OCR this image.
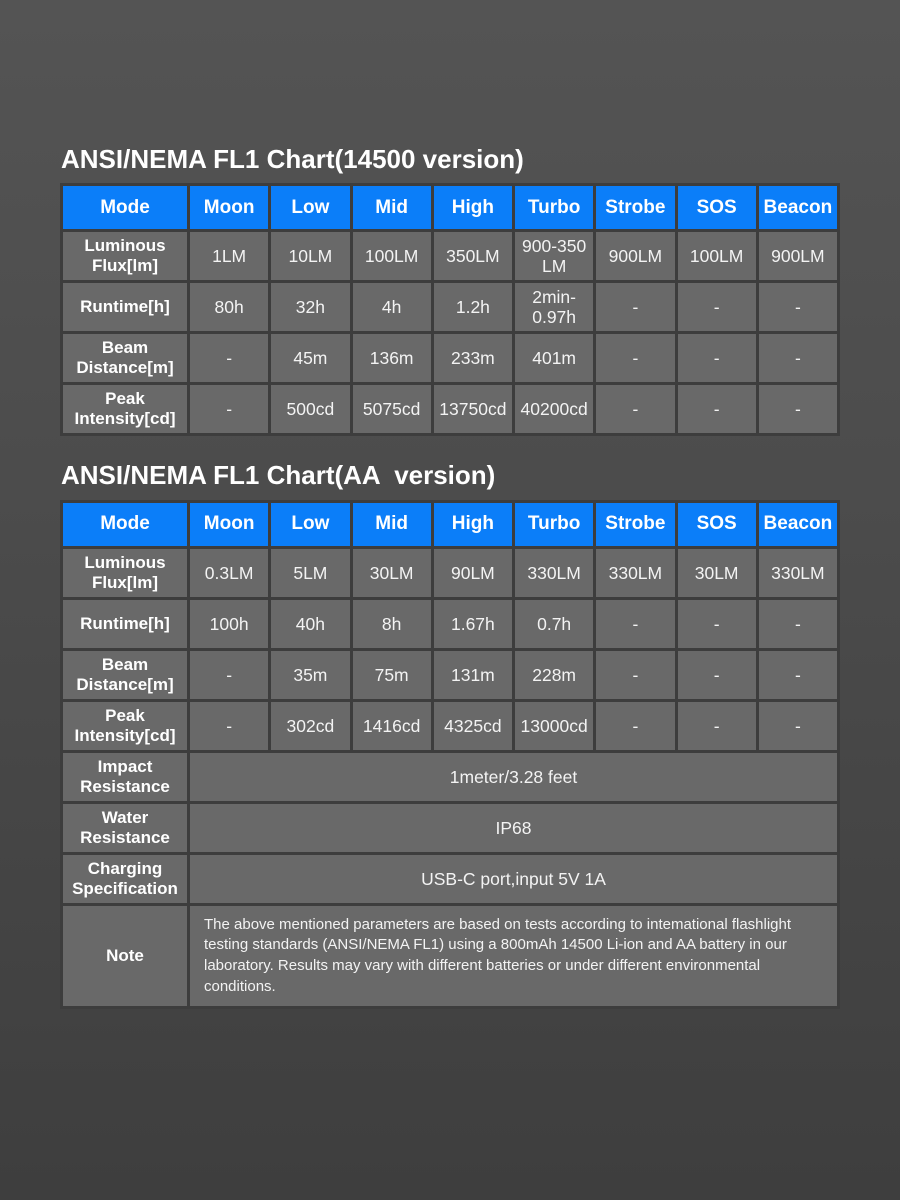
ANSI/NEMA FL1 Chart(14500 version)
Mode	Moon	Low	Mid	High	Turbo	Strobe	SOS	Beacon
Luminous Flux[lm]	1LM	10LM	100LM	350LM	900-350 LM	900LM	100LM	900LM
Runtime[h]	80h	32h	4h	1.2h	2min-0.97h	-	-	-
Beam Distance[m]	-	45m	136m	233m	401m	-	-	-
Peak Intensity[cd]	-	500cd	5075cd	13750cd	40200cd	-	-	-
ANSI/NEMA FL1 Chart(AA  version)
Mode	Moon	Low	Mid	High	Turbo	Strobe	SOS	Beacon
Luminous Flux[lm]	0.3LM	5LM	30LM	90LM	330LM	330LM	30LM	330LM
Runtime[h]	100h	40h	8h	1.67h	0.7h	-	-	-
Beam Distance[m]	-	35m	75m	131m	228m	-	-	-
Peak Intensity[cd]	-	302cd	1416cd	4325cd	13000cd	-	-	-
Impact Resistance	1meter/3.28 feet							
Water Resistance	IP68							
Charging Specification	USB-C port,input 5V 1A							
Note	The above mentioned parameters are based on tests according to intemational flashlight testing standards (ANSI/NEMA FL1) using a 800mAh 14500 Li-ion and AA battery in our laboratory. Results may vary with different batteries or under different environmental conditions.							
